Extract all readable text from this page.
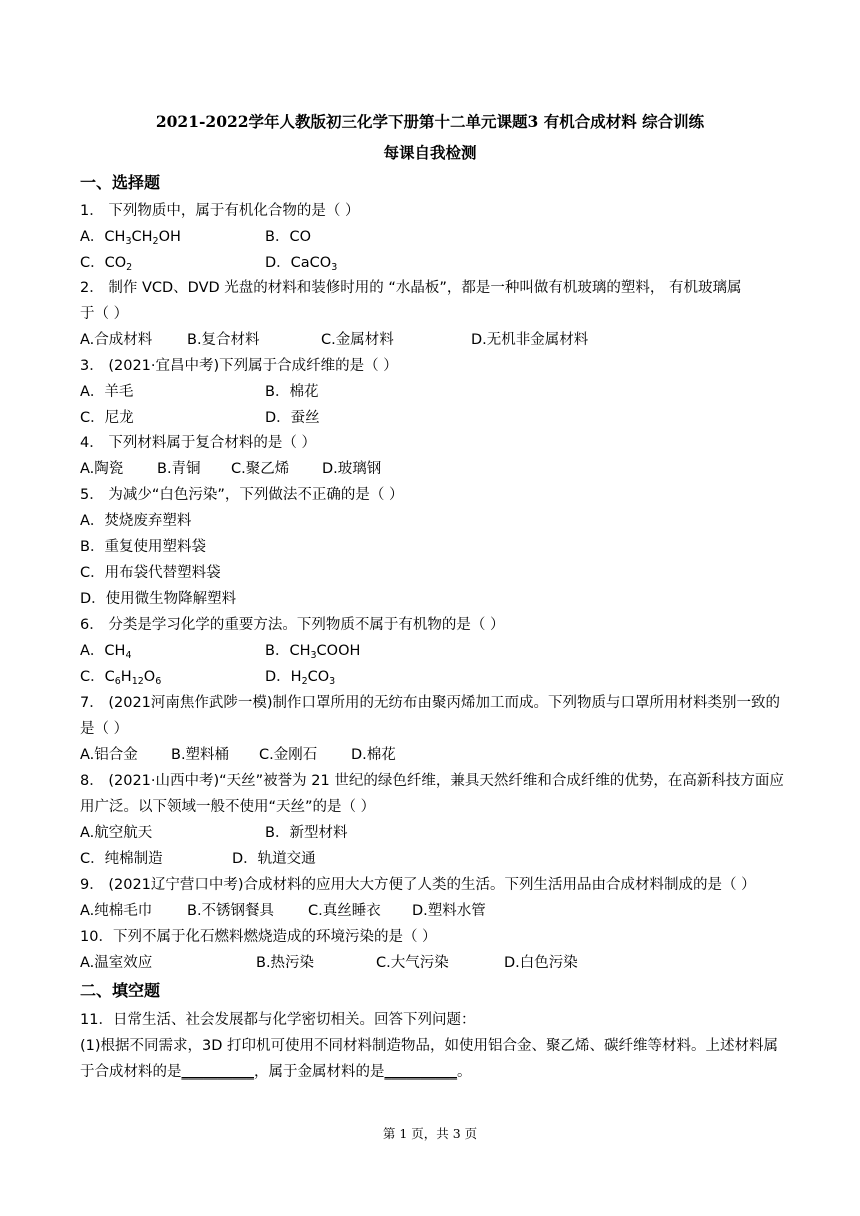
2021-2022学年人教版初三化学下册第十二单元课题3 有机合成材料 综合训练
每课自我检测
一、选择题
1． 下列物质中，属于有机化合物的是（ ）
A．$CH_3CH_2OH$	B．CO
C．$CO_2$	D．CaCO$_3$
2． 制作 VCD、DVD 光盘的材料和装修时用的 “水晶板”，都是一种叫做有机玻璃的塑料， 有机玻璃属
于（ ）
A.合成材料 B.复合材料	C.金属材料	D.无机非金属材料
3． (2021·宜昌中考)下列属于合成纤维的是（ ）
A．羊毛	B．棉花
C．尼龙	D．蚕丝
4． 下列材料属于复合材料的是（ ）
A.陶瓷 B.青铜 C.聚乙烯 D.玻璃钢
5． 为减少“白色污染”，下列做法不正确的是（ ）
A．焚烧废弃塑料
B．重复使用塑料袋
C．用布袋代替塑料袋
D．使用微生物降解塑料
6． 分类是学习化学的重要方法。下列物质不属于有机物的是（ ）
A．$CH_4$	B．$CH_3COOH$
C．$C_6H_{12}O_6$	D．$H_2CO_3$
7． (2021河南焦作武陟一模)制作口罩所用的无纺布由聚丙烯加工而成。下列物质与口罩所用材料类别一致的
是（ ）
A.铝合金 B.塑料桶 C.金刚石 D.棉花
8． (2021·山西中考)“天丝”被誉为 21 世纪的绿色纤维，兼具天然纤维和合成纤维的优势，在高新科技方面应
用广泛。以下领域一般不使用“天丝”的是（ ）
A.航空航天	B．新型材料
C．纯棉制造	D．轨道交通
9． (2021辽宁营口中考)合成材料的应用大大方便了人类的生活。下列生活用品由合成材料制成的是（ ）
A.纯棉毛巾 B.不锈钢餐具 C.真丝睡衣 D.塑料水管
10．下列不属于化石燃料燃烧造成的环境污染的是（ ）
A.温室效应	B.热污染	C.大气污染	D.白色污染
二、填空题
11．日常生活、社会发展都与化学密切相关。回答下列问题：
(1)根据不同需求，3D 打印机可使用不同材料制造物品，如使用铝合金、聚乙烯、碳纤维等材料。上述材料属
于合成材料的是__________，属于金属材料的是__________。
第 1 页，共 3 页
